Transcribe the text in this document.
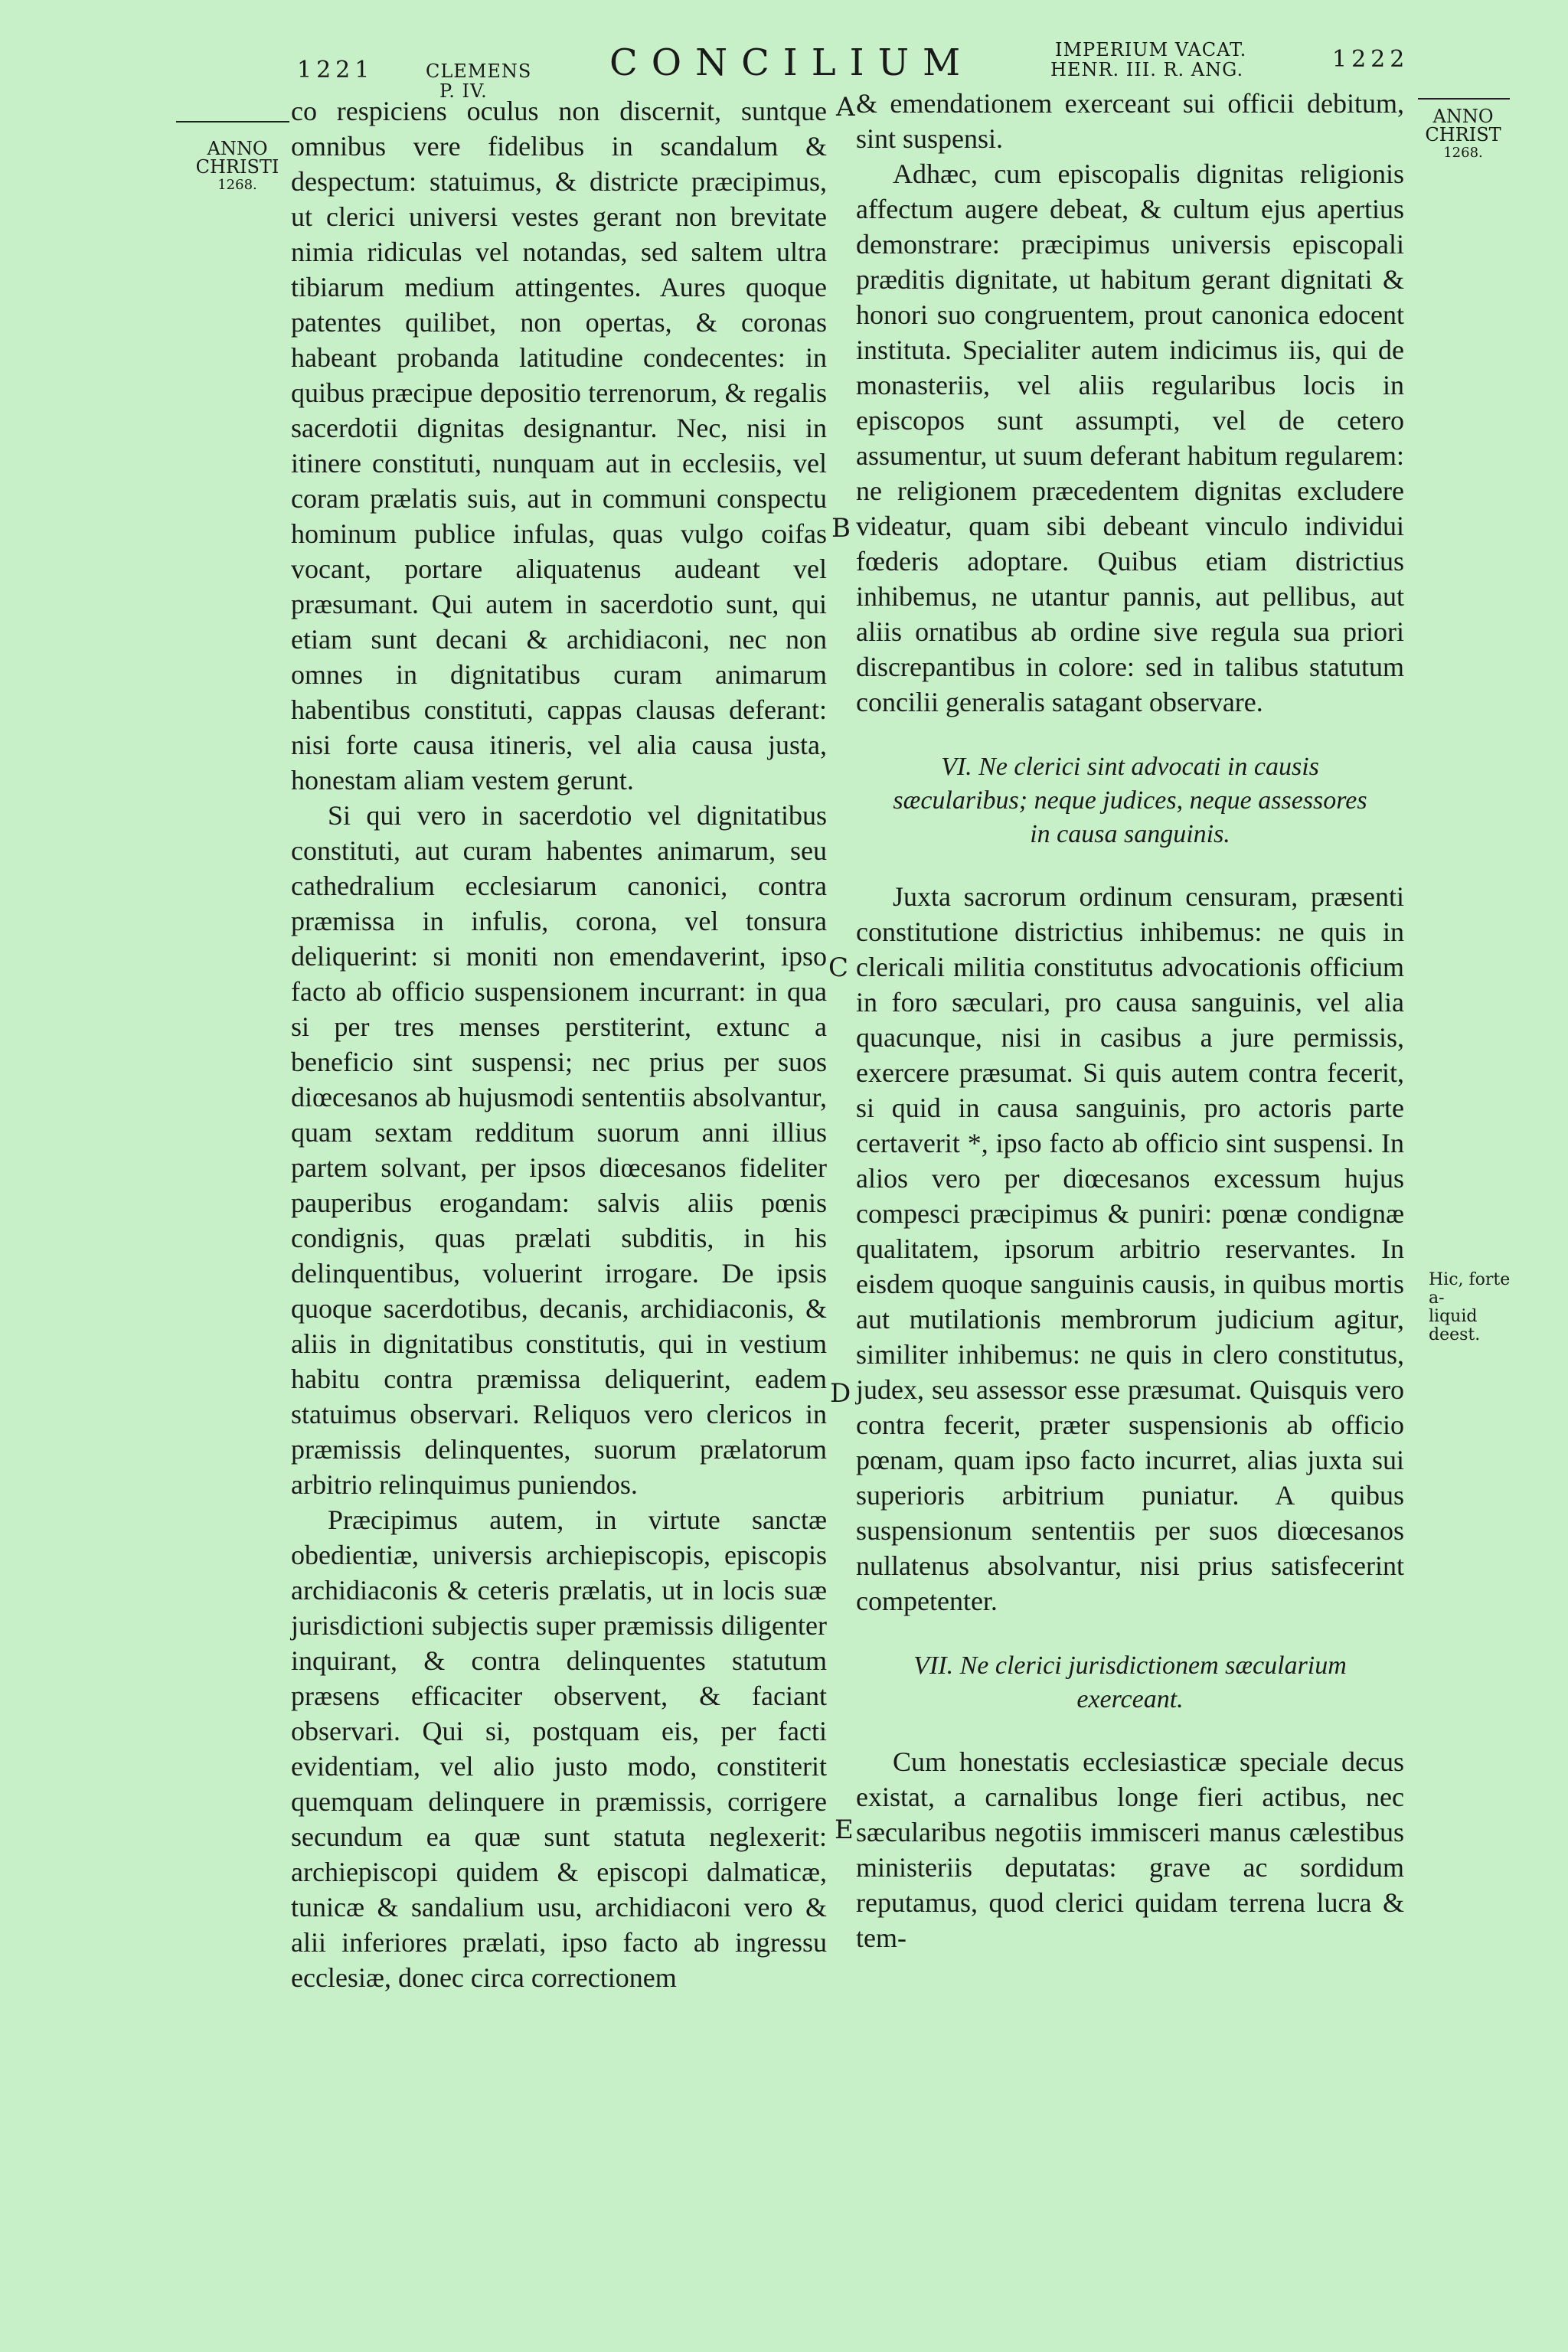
1221	CLEMENS
P. IV.
CONCILIUM	IMPERIUM VACAT.
HENR. III. R. ANG.	1222
ANNO
CHRISTI
1268.
ANNO
CHRIST
1268.
Hic, forte a-
liquid deest.
A
B
C
D
E

co respiciens oculus non discernit, suntque omnibus vere fidelibus in scandalum & despectum: statuimus, & districte præcipimus, ut clerici universi vestes gerant non brevitate nimia ridiculas vel notandas, sed saltem ultra tibiarum medium attingentes. Aures quoque patentes quilibet, non opertas, & coronas habeant probanda latitudine condecentes: in quibus præcipue depositio terrenorum, & regalis sacerdotii dignitas designantur. Nec, nisi in itinere constituti, nunquam aut in ecclesiis, vel coram prælatis suis, aut in communi conspectu hominum publice infulas, quas vulgo coifas vocant, portare aliquatenus audeant vel præsumant. Qui autem in sacerdotio sunt, qui etiam sunt decani & archidiaconi, nec non omnes in dignitatibus curam animarum habentibus constituti, cappas clausas deferant: nisi forte causa itineris, vel alia causa justa, honestam aliam vestem gerunt.

Si qui vero in sacerdotio vel dignitatibus constituti, aut curam habentes animarum, seu cathedralium ecclesiarum canonici, contra præmissa in infulis, corona, vel tonsura deliquerint: si moniti non emendaverint, ipso facto ab officio suspensionem incurrant: in qua si per tres menses perstiterint, extunc a beneficio sint suspensi; nec prius per suos diœcesanos ab hujusmodi sententiis absolvantur, quam sextam redditum suorum anni illius partem solvant, per ipsos diœcesanos fideliter pauperibus erogandam: salvis aliis pœnis condignis, quas prælati subditis, in his delinquentibus, voluerint irrogare. De ipsis quoque sacerdotibus, decanis, archidiaconis, & aliis in dignitatibus constitutis, qui in vestium habitu contra præmissa deliquerint, eadem statuimus observari. Reliquos vero clericos in præmissis delinquentes, suorum prælatorum arbitrio relinquimus puniendos.

Præcipimus autem, in virtute sanctæ obedientiæ, universis archiepiscopis, episcopis archidiaconis & ceteris prælatis, ut in locis suæ jurisdictioni subjectis super præmissis diligenter inquirant, & contra delinquentes statutum præsens efficaciter observent, & faciant observari. Qui si, postquam eis, per facti evidentiam, vel alio justo modo, constiterit quemquam delinquere in præmissis, corrigere secundum ea quæ sunt statuta neglexerit: archiepiscopi quidem & episcopi dalmaticæ, tunicæ & sandalium usu, archidiaconi vero & alii inferiores prælati, ipso facto ab ingressu ecclesiæ, donec circa correctionem

& emendationem exerceant sui officii debitum, sint suspensi.

Adhæc, cum episcopalis dignitas religionis affectum augere debeat, & cultum ejus apertius demonstrare: præcipimus universis episcopali præditis dignitate, ut habitum gerant dignitati & honori suo congruentem, prout canonica edocent instituta. Specialiter autem indicimus iis, qui de monasteriis, vel aliis regularibus locis in episcopos sunt assumpti, vel de cetero assumentur, ut suum deferant habitum regularem: ne religionem præcedentem dignitas excludere videatur, quam sibi debeant vinculo individui fœderis adoptare. Quibus etiam districtius inhibemus, ne utantur pannis, aut pellibus, aut aliis ornatibus ab ordine sive regula sua priori discrepantibus in colore: sed in talibus statutum concilii generalis satagant observare.

VI. Ne clerici sint advocati in causis sæcularibus; neque judices, neque assessores in causa sanguinis.

Juxta sacrorum ordinum censuram, præsenti constitutione districtius inhibemus: ne quis in clericali militia constitutus advocationis officium in foro sæculari, pro causa sanguinis, vel alia quacunque, nisi in casibus a jure permissis, exercere præsumat. Si quis autem contra fecerit, si quid in causa sanguinis, pro actoris parte certaverit *, ipso facto ab officio sint suspensi. In alios vero per diœcesanos excessum hujus compesci præcipimus & puniri: pœnæ condignæ qualitatem, ipsorum arbitrio reservantes. In eisdem quoque sanguinis causis, in quibus mortis aut mutilationis membrorum judicium agitur, similiter inhibemus: ne quis in clero constitutus, judex, seu assessor esse præsumat. Quisquis vero contra fecerit, præter suspensionis ab officio pœnam, quam ipso facto incurret, alias juxta sui superioris arbitrium puniatur. A quibus suspensionum sententiis per suos diœcesanos nullatenus absolvantur, nisi prius satisfecerint competenter.

VII. Ne clerici jurisdictionem sæcularium exerceant.

Cum honestatis ecclesiasticæ speciale decus existat, a carnalibus longe fieri actibus, nec sæcularibus negotiis immisceri manus cælestibus ministeriis deputatas: grave ac sordidum reputamus, quod clerici quidam terrena lucra & tem-
